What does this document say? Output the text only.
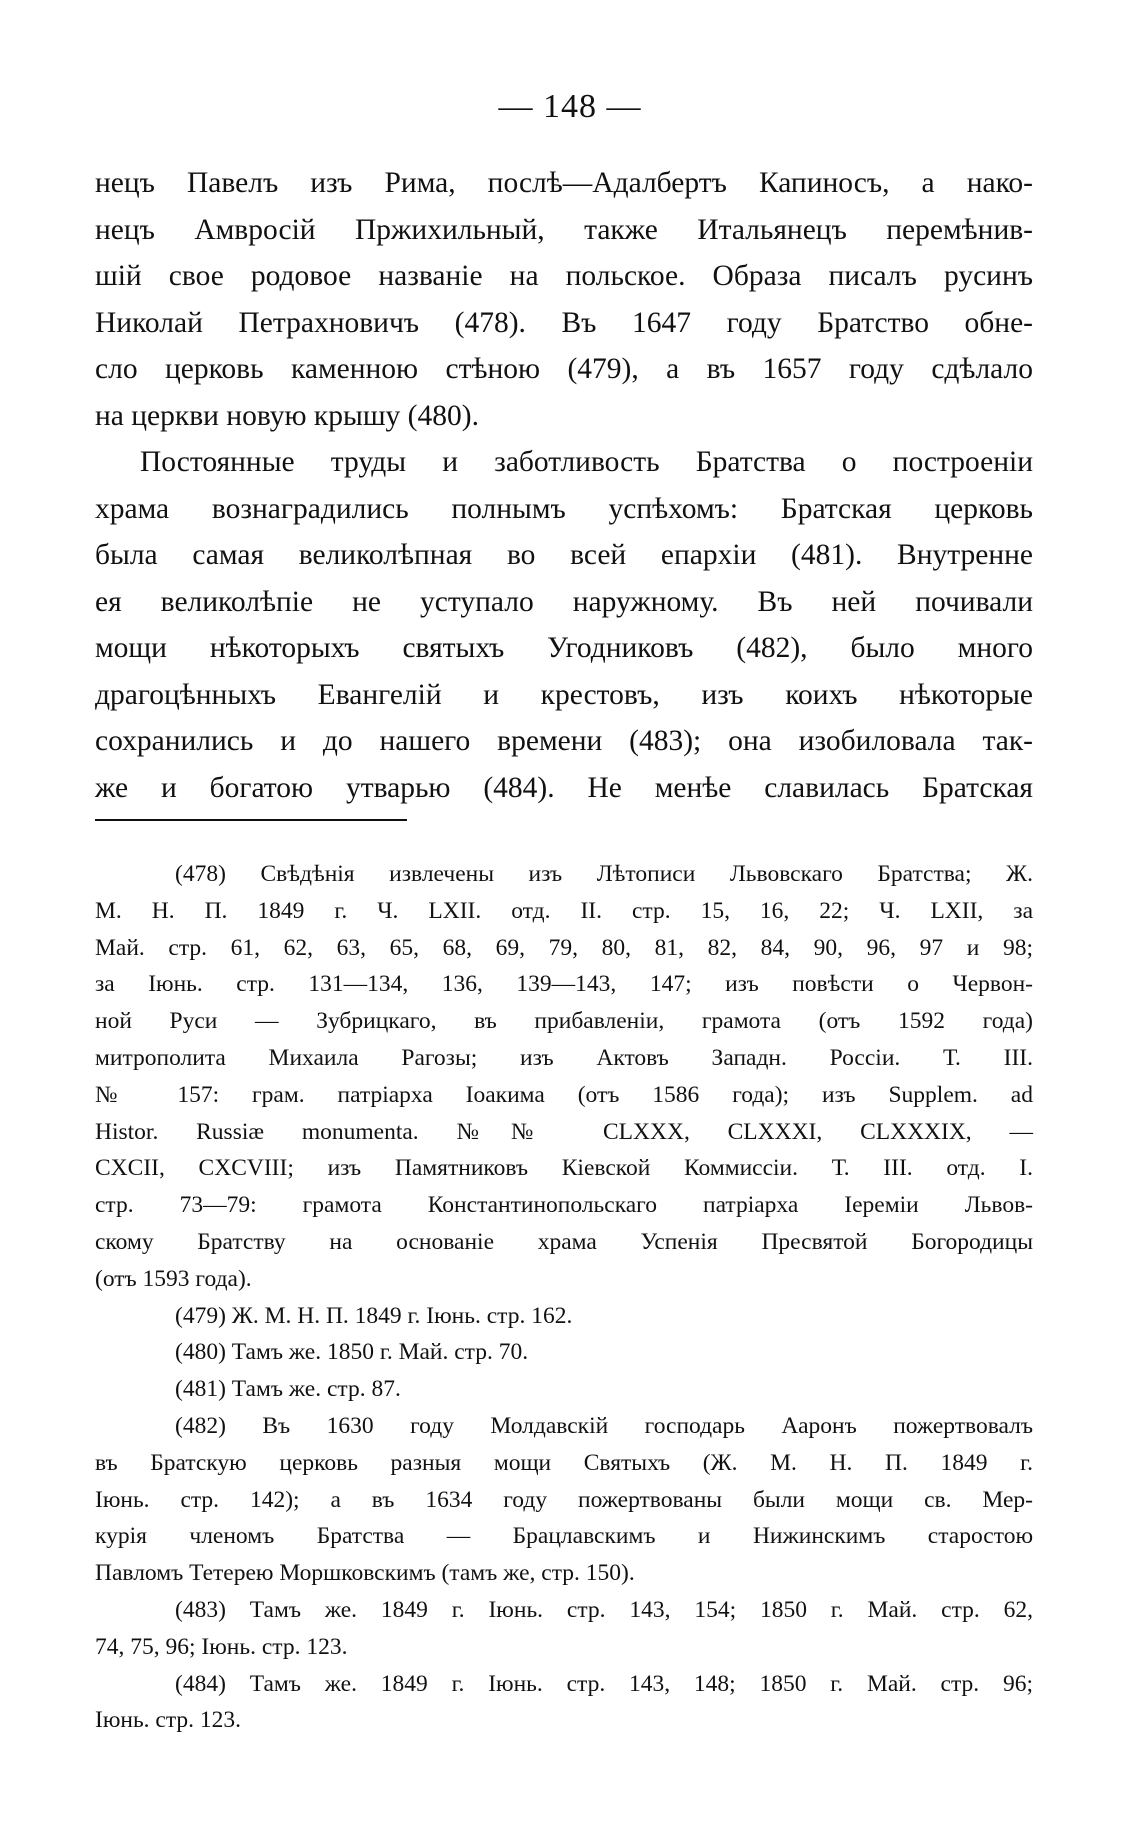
— 148 —
нецъ Павелъ изъ Рима, послѣ—Адалбертъ Капиносъ, а нако-
нецъ Амвросій Пржихильный, также Итальянецъ перемѣнив-
шій свое родовое названіе на польское. Образа писалъ русинъ
Николай Петрахновичъ (478). Въ 1647 году Братство обне-
сло церковь каменною стѣною (479), а въ 1657 году сдѣлало
на церкви новую крышу (480).
Постоянные труды и заботливость Братства о построеніи
храма вознаградились полнымъ успѣхомъ: Братская церковь
была самая великолѣпная во всей епархіи (481). Внутренне
ея великолѣпіе не уступало наружному. Въ ней почивали
мощи нѣкоторыхъ святыхъ Угодниковъ (482), было много
драгоцѣнныхъ Евангелій и крестовъ, изъ коихъ нѣкоторые
сохранились и до нашего времени (483); она изобиловала так-
же и богатою утварью (484). Не менѣе славилась Братская
(478) Свѣдѣнія извлечены изъ Лѣтописи Львовскаго Братства; Ж.
М. Н. П. 1849 г. Ч. LXII. отд. II. стр. 15, 16, 22; Ч. LXII, за
Май. стр. 61, 62, 63, 65, 68, 69, 79, 80, 81, 82, 84, 90, 96, 97 и 98;
за Іюнь. стр. 131—134, 136, 139—143, 147; изъ повѣсти о Червон-
ной Руси — Зубрицкаго, въ прибавленіи, грамота (отъ 1592 года)
митрополита Михаила Рагозы; изъ Актовъ Западн. Россіи. Т. III.
№ 157: грам. патріарха Іоакима (отъ 1586 года); изъ Supplem. ad
Histor. Russiæ monumenta. №№ CLXXX, CLXXXI, CLXXXIX, —
CXCII, CXCVIII; изъ Памятниковъ Кіевской Коммиссіи. Т. III. отд. I.
стр. 73—79: грамота Константинопольскаго патріарха Іереміи Львов-
скому Братству на основаніе храма Успенія Пресвятой Богородицы
(отъ 1593 года).
(479) Ж. М. Н. П. 1849 г. Іюнь. стр. 162.
(480) Тамъ же. 1850 г. Май. стр. 70.
(481) Тамъ же. стр. 87.
(482) Въ 1630 году Молдавскій господарь Ааронъ пожертвовалъ
въ Братскую церковь разныя мощи Святыхъ (Ж. М. Н. П. 1849 г.
Іюнь. стр. 142); а въ 1634 году пожертвованы были мощи св. Мер-
курія членомъ Братства — Брацлавскимъ и Нижинскимъ старостою
Павломъ Тетерею Моршковскимъ (тамъ же, стр. 150).
(483) Тамъ же. 1849 г. Іюнь. стр. 143, 154; 1850 г. Май. стр. 62,
74, 75, 96; Іюнь. стр. 123.
(484) Тамъ же. 1849 г. Іюнь. стр. 143, 148; 1850 г. Май. стр. 96;
Іюнь. стр. 123.
